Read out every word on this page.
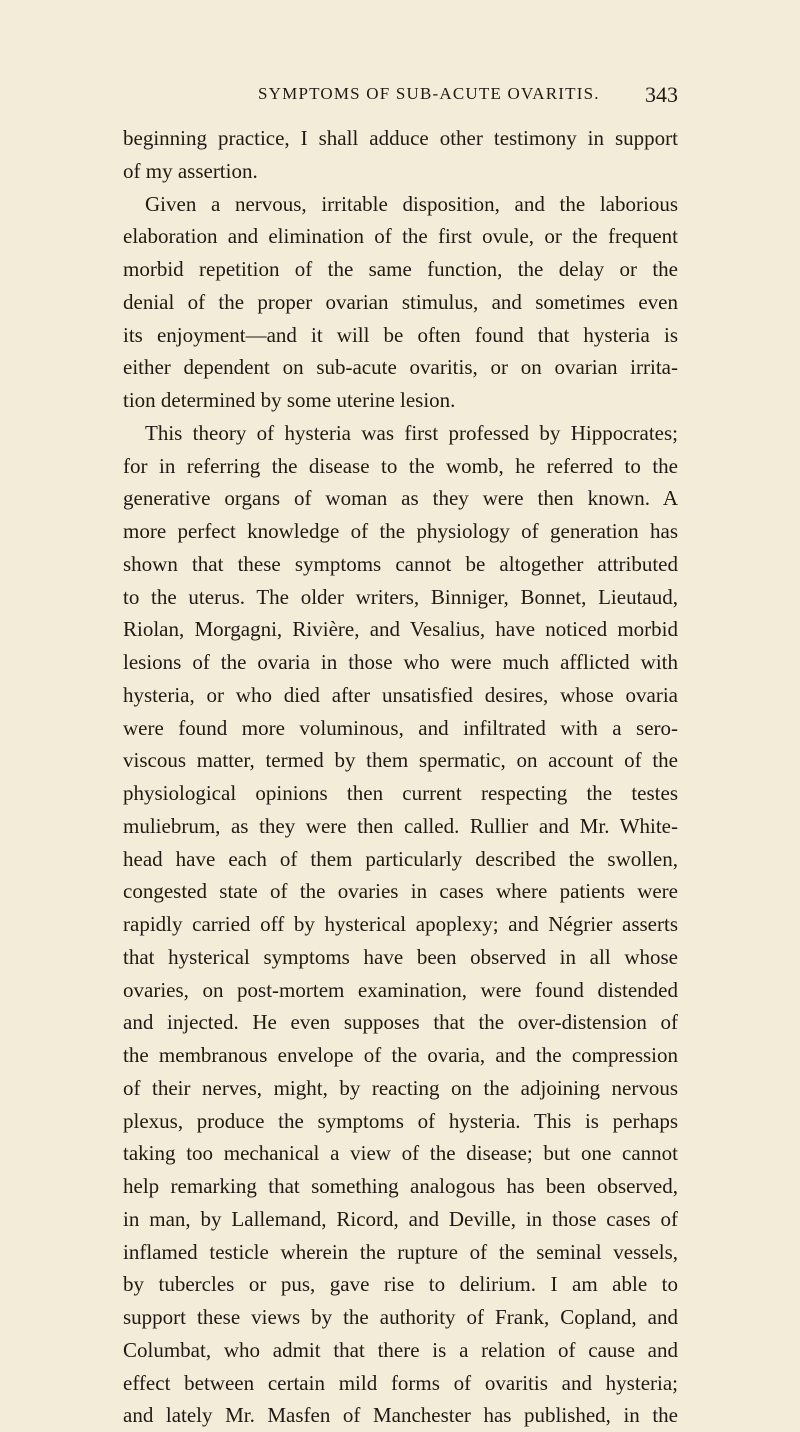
SYMPTOMS OF SUB-ACUTE OVARITIS. 343
beginning practice, I shall adduce other testimony in support
of my assertion.
Given a nervous, irritable disposition, and the laborious
elaboration and elimination of the first ovule, or the frequent
morbid repetition of the same function, the delay or the
denial of the proper ovarian stimulus, and sometimes even
its enjoyment—and it will be often found that hysteria is
either dependent on sub-acute ovaritis, or on ovarian irrita-
tion determined by some uterine lesion.
This theory of hysteria was first professed by Hippocrates;
for in referring the disease to the womb, he referred to the
generative organs of woman as they were then known. A
more perfect knowledge of the physiology of generation has
shown that these symptoms cannot be altogether attributed
to the uterus. The older writers, Binniger, Bonnet, Lieutaud,
Riolan, Morgagni, Rivière, and Vesalius, have noticed morbid
lesions of the ovaria in those who were much afflicted with
hysteria, or who died after unsatisfied desires, whose ovaria
were found more voluminous, and infiltrated with a sero-
viscous matter, termed by them spermatic, on account of the
physiological opinions then current respecting the testes
muliebrum, as they were then called. Rullier and Mr. White-
head have each of them particularly described the swollen,
congested state of the ovaries in cases where patients were
rapidly carried off by hysterical apoplexy; and Négrier asserts
that hysterical symptoms have been observed in all whose
ovaries, on post-mortem examination, were found distended
and injected. He even supposes that the over-distension of
the membranous envelope of the ovaria, and the compression
of their nerves, might, by reacting on the adjoining nervous
plexus, produce the symptoms of hysteria. This is perhaps
taking too mechanical a view of the disease; but one cannot
help remarking that something analogous has been observed,
in man, by Lallemand, Ricord, and Deville, in those cases of
inflamed testicle wherein the rupture of the seminal vessels,
by tubercles or pus, gave rise to delirium. I am able to
support these views by the authority of Frank, Copland, and
Columbat, who admit that there is a relation of cause and
effect between certain mild forms of ovaritis and hysteria;
and lately Mr. Masfen of Manchester has published, in the
